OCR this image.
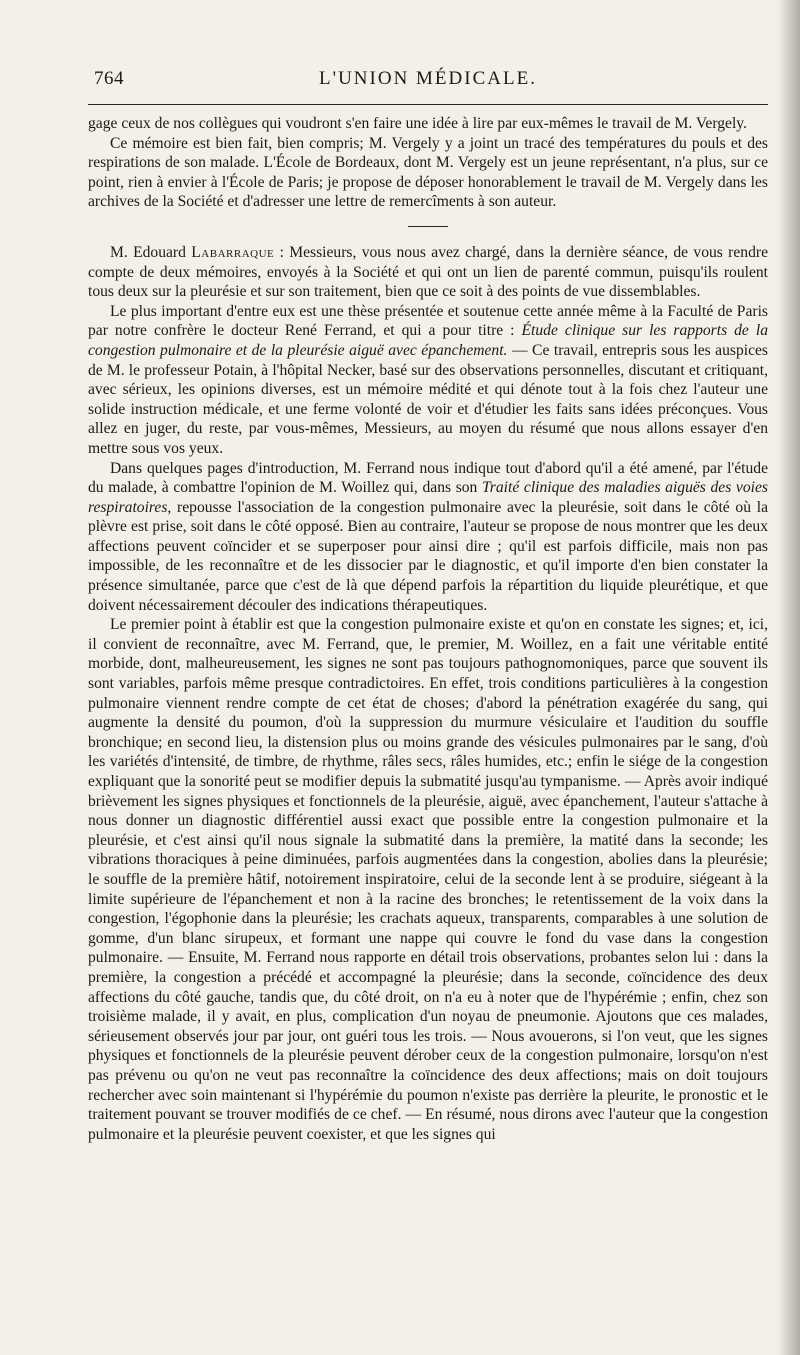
764	L'UNION MÉDICALE.

gage ceux de nos collègues qui voudront s'en faire une idée à lire par eux-mêmes le travail de M. Vergely.

Ce mémoire est bien fait, bien compris; M. Vergely y a joint un tracé des températures du pouls et des respirations de son malade. L'École de Bordeaux, dont M. Vergely est un jeune représentant, n'a plus, sur ce point, rien à envier à l'École de Paris; je propose de déposer honorablement le travail de M. Vergely dans les archives de la Société et d'adresser une lettre de remercîments à son auteur.

M. Edouard Labarraque : Messieurs, vous nous avez chargé, dans la dernière séance, de vous rendre compte de deux mémoires, envoyés à la Société et qui ont un lien de parenté commun, puisqu'ils roulent tous deux sur la pleurésie et sur son traitement, bien que ce soit à des points de vue dissemblables.

Le plus important d'entre eux est une thèse présentée et soutenue cette année même à la Faculté de Paris par notre confrère le docteur René Ferrand, et qui a pour titre : Étude clinique sur les rapports de la congestion pulmonaire et de la pleurésie aiguë avec épanchement. — Ce travail, entrepris sous les auspices de M. le professeur Potain, à l'hôpital Necker, basé sur des observations personnelles, discutant et critiquant, avec sérieux, les opinions diverses, est un mémoire médité et qui dénote tout à la fois chez l'auteur une solide instruction médicale, et une ferme volonté de voir et d'étudier les faits sans idées préconçues. Vous allez en juger, du reste, par vous-mêmes, Messieurs, au moyen du résumé que nous allons essayer d'en mettre sous vos yeux.

Dans quelques pages d'introduction, M. Ferrand nous indique tout d'abord qu'il a été amené, par l'étude du malade, à combattre l'opinion de M. Woillez qui, dans son Traité clinique des maladies aiguës des voies respiratoires, repousse l'association de la congestion pulmonaire avec la pleurésie, soit dans le côté où la plèvre est prise, soit dans le côté opposé. Bien au contraire, l'auteur se propose de nous montrer que les deux affections peuvent coïncider et se superposer pour ainsi dire ; qu'il est parfois difficile, mais non pas impossible, de les reconnaître et de les dissocier par le diagnostic, et qu'il importe d'en bien constater la présence simultanée, parce que c'est de là que dépend parfois la répartition du liquide pleurétique, et que doivent nécessairement découler des indications thérapeutiques.

Le premier point à établir est que la congestion pulmonaire existe et qu'on en constate les signes; et, ici, il convient de reconnaître, avec M. Ferrand, que, le premier, M. Woillez, en a fait une véritable entité morbide, dont, malheureusement, les signes ne sont pas toujours pathognomoniques, parce que souvent ils sont variables, parfois même presque contradictoires. En effet, trois conditions particulières à la congestion pulmonaire viennent rendre compte de cet état de choses; d'abord la pénétration exagérée du sang, qui augmente la densité du poumon, d'où la suppression du murmure vésiculaire et l'audition du souffle bronchique; en second lieu, la distension plus ou moins grande des vésicules pulmonaires par le sang, d'où les variétés d'intensité, de timbre, de rhythme, râles secs, râles humides, etc.; enfin le siége de la congestion expliquant que la sonorité peut se modifier depuis la submatité jusqu'au tympanisme. — Après avoir indiqué brièvement les signes physiques et fonctionnels de la pleurésie, aiguë, avec épanchement, l'auteur s'attache à nous donner un diagnostic différentiel aussi exact que possible entre la congestion pulmonaire et la pleurésie, et c'est ainsi qu'il nous signale la submatité dans la première, la matité dans la seconde; les vibrations thoraciques à peine diminuées, parfois augmentées dans la congestion, abolies dans la pleurésie; le souffle de la première hâtif, notoirement inspiratoire, celui de la seconde lent à se produire, siégeant à la limite supérieure de l'épanchement et non à la racine des bronches; le retentissement de la voix dans la congestion, l'égophonie dans la pleurésie; les crachats aqueux, transparents, comparables à une solution de gomme, d'un blanc sirupeux, et formant une nappe qui couvre le fond du vase dans la congestion pulmonaire. — Ensuite, M. Ferrand nous rapporte en détail trois observations, probantes selon lui : dans la première, la congestion a précédé et accompagné la pleurésie; dans la seconde, coïncidence des deux affections du côté gauche, tandis que, du côté droit, on n'a eu à noter que de l'hypérémie ; enfin, chez son troisième malade, il y avait, en plus, complication d'un noyau de pneumonie. Ajoutons que ces malades, sérieusement observés jour par jour, ont guéri tous les trois. — Nous avouerons, si l'on veut, que les signes physiques et fonctionnels de la pleurésie peuvent dérober ceux de la congestion pulmonaire, lorsqu'on n'est pas prévenu ou qu'on ne veut pas reconnaître la coïncidence des deux affections; mais on doit toujours rechercher avec soin maintenant si l'hypérémie du poumon n'existe pas derrière la pleurite, le pronostic et le traitement pouvant se trouver modifiés de ce chef. — En résumé, nous dirons avec l'auteur que la congestion pulmonaire et la pleurésie peuvent coexister, et que les signes qui
